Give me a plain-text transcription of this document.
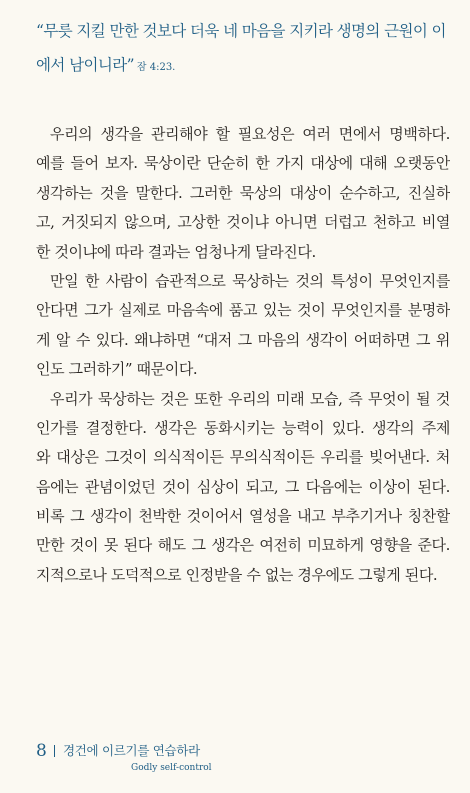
“무릇 지킬 만한 것보다 더욱 네 마음을 지키라 생명의 근원이 이
에서 남이니라” 잠 4:23.
우리의 생각을 관리해야 할 필요성은 여러 면에서 명백하다.
예를 들어 보자. 묵상이란 단순히 한 가지 대상에 대해 오랫동안
생각하는 것을 말한다. 그러한 묵상의 대상이 순수하고, 진실하
고, 거짓되지 않으며, 고상한 것이냐 아니면 더럽고 천하고 비열
한 것이냐에 따라 결과는 엄청나게 달라진다.
만일 한 사람이 습관적으로 묵상하는 것의 특성이 무엇인지를
안다면 그가 실제로 마음속에 품고 있는 것이 무엇인지를 분명하
게 알 수 있다. 왜냐하면 “대저 그 마음의 생각이 어떠하면 그 위
인도 그러하기” 때문이다.
우리가 묵상하는 것은 또한 우리의 미래 모습, 즉 무엇이 될 것
인가를 결정한다. 생각은 동화시키는 능력이 있다. 생각의 주제
와 대상은 그것이 의식적이든 무의식적이든 우리를 빚어낸다. 처
음에는 관념이었던 것이 심상이 되고, 그 다음에는 이상이 된다.
비록 그 생각이 천박한 것이어서 열성을 내고 부추기거나 칭찬할
만한 것이 못 된다 해도 그 생각은 여전히 미묘하게 영향을 준다.
지적으로나 도덕적으로 인정받을 수 없는 경우에도 그렇게 된다.
8 경건에 이르기를 연습하라
Godly self-control
